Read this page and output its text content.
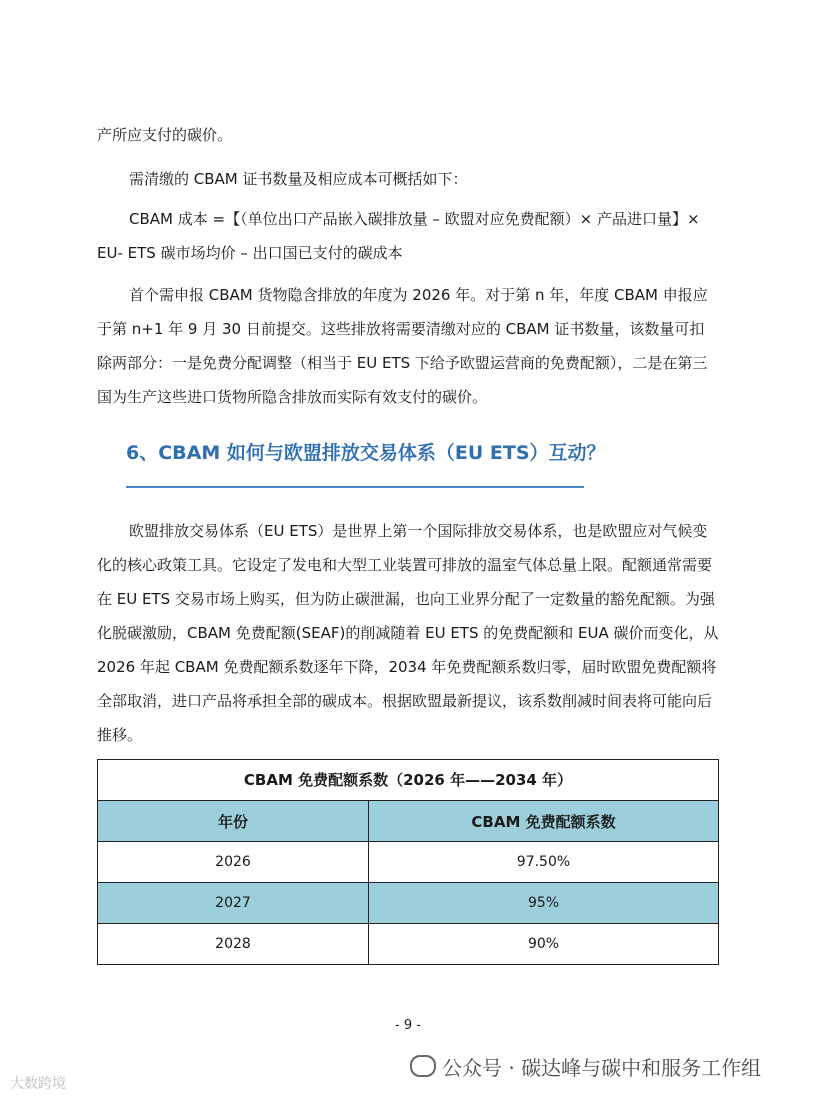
产所应支付的碳价。

需清缴的 CBAM 证书数量及相应成本可概括如下：

CBAM 成本 =【（单位出口产品嵌入碳排放量 – 欧盟对应免费配额）× 产品进口量】× EU- ETS 碳市场均价 – 出口国已支付的碳成本

首个需申报 CBAM 货物隐含排放的年度为 2026 年。对于第 n 年，年度 CBAM 申报应于第 n+1 年 9 月 30 日前提交。这些排放将需要清缴对应的 CBAM 证书数量，该数量可扣除两部分：一是免费分配调整（相当于 EU ETS 下给予欧盟运营商的免费配额），二是在第三国为生产这些进口货物所隐含排放而实际有效支付的碳价。

6、CBAM 如何与欧盟排放交易体系（EU ETS）互动？

欧盟排放交易体系（EU ETS）是世界上第一个国际排放交易体系，也是欧盟应对气候变化的核心政策工具。它设定了发电和大型工业装置可排放的温室气体总量上限。配额通常需要在 EU ETS 交易市场上购买，但为防止碳泄漏，也向工业界分配了一定数量的豁免配额。为强化脱碳激励，CBAM 免费配额(SEAF)的削减随着 EU ETS 的免费配额和 EUA 碳价而变化，从 2026 年起 CBAM 免费配额系数逐年下降，2034 年免费配额系数归零，届时欧盟免费配额将全部取消，进口产品将承担全部的碳成本。根据欧盟最新提议，该系数削减时间表将可能向后推移。

CBAM 免费配额系数（2026 年——2034 年）
年份	CBAM 免费配额系数
2026	97.50%
2027	95%
2028	90%
- 9 -
公众号 · 碳达峰与碳中和服务工作组
大数跨境
